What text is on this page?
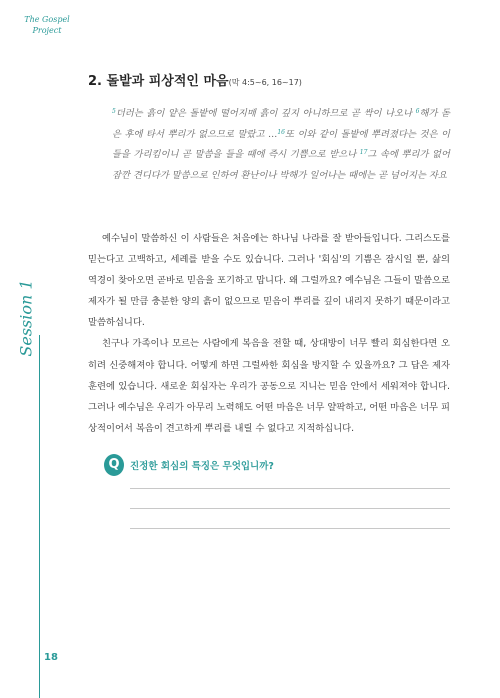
The Gospel
Project
Session 1
2. 돌밭과 피상적인 마음(막 4:5~6, 16~17)
$^5$더러는 흙이 얕은 돌밭에 떨어지매 흙이 깊지 아니하므로 곧 싹이 나오나 $^6$해가 돋은 후에 타서 뿌리가 없으므로 말랐고 …$^{16}$또 이와 같이 돌밭에 뿌려졌다는 것은 이들을 가리킴이니 곧 말씀을 들을 때에 즉시 기쁨으로 받으나 $^{17}$그 속에 뿌리가 없어 잠깐 견디다가 말씀으로 인하여 환난이나 박해가 일어나는 때에는 곧 넘어지는 자요

예수님이 말씀하신 이 사람들은 처음에는 하나님 나라를 잘 받아들입니다. 그리스도를 믿는다고 고백하고, 세례를 받을 수도 있습니다. 그러나 '회심'의 기쁨은 잠시일 뿐, 삶의 역경이 찾아오면 곧바로 믿음을 포기하고 맙니다. 왜 그럴까요? 예수님은 그들이 말씀으로 제자가 될 만큼 충분한 양의 흙이 없으므로 믿음이 뿌리를 깊이 내리지 못하기 때문이라고 말씀하십니다.

친구나 가족이나 모르는 사람에게 복음을 전할 때, 상대방이 너무 빨리 회심한다면 오히려 신중해져야 합니다. 어떻게 하면 그럴싸한 회심을 방지할 수 있을까요? 그 답은 제자 훈련에 있습니다. 새로운 회심자는 우리가 공동으로 지니는 믿음 안에서 세워져야 합니다. 그러나 예수님은 우리가 아무리 노력해도 어떤 마음은 너무 얄팍하고, 어떤 마음은 너무 피상적이어서 복음이 견고하게 뿌리를 내릴 수 없다고 지적하십니다.

Q	진정한 회심의 특징은 무엇입니까?
18
